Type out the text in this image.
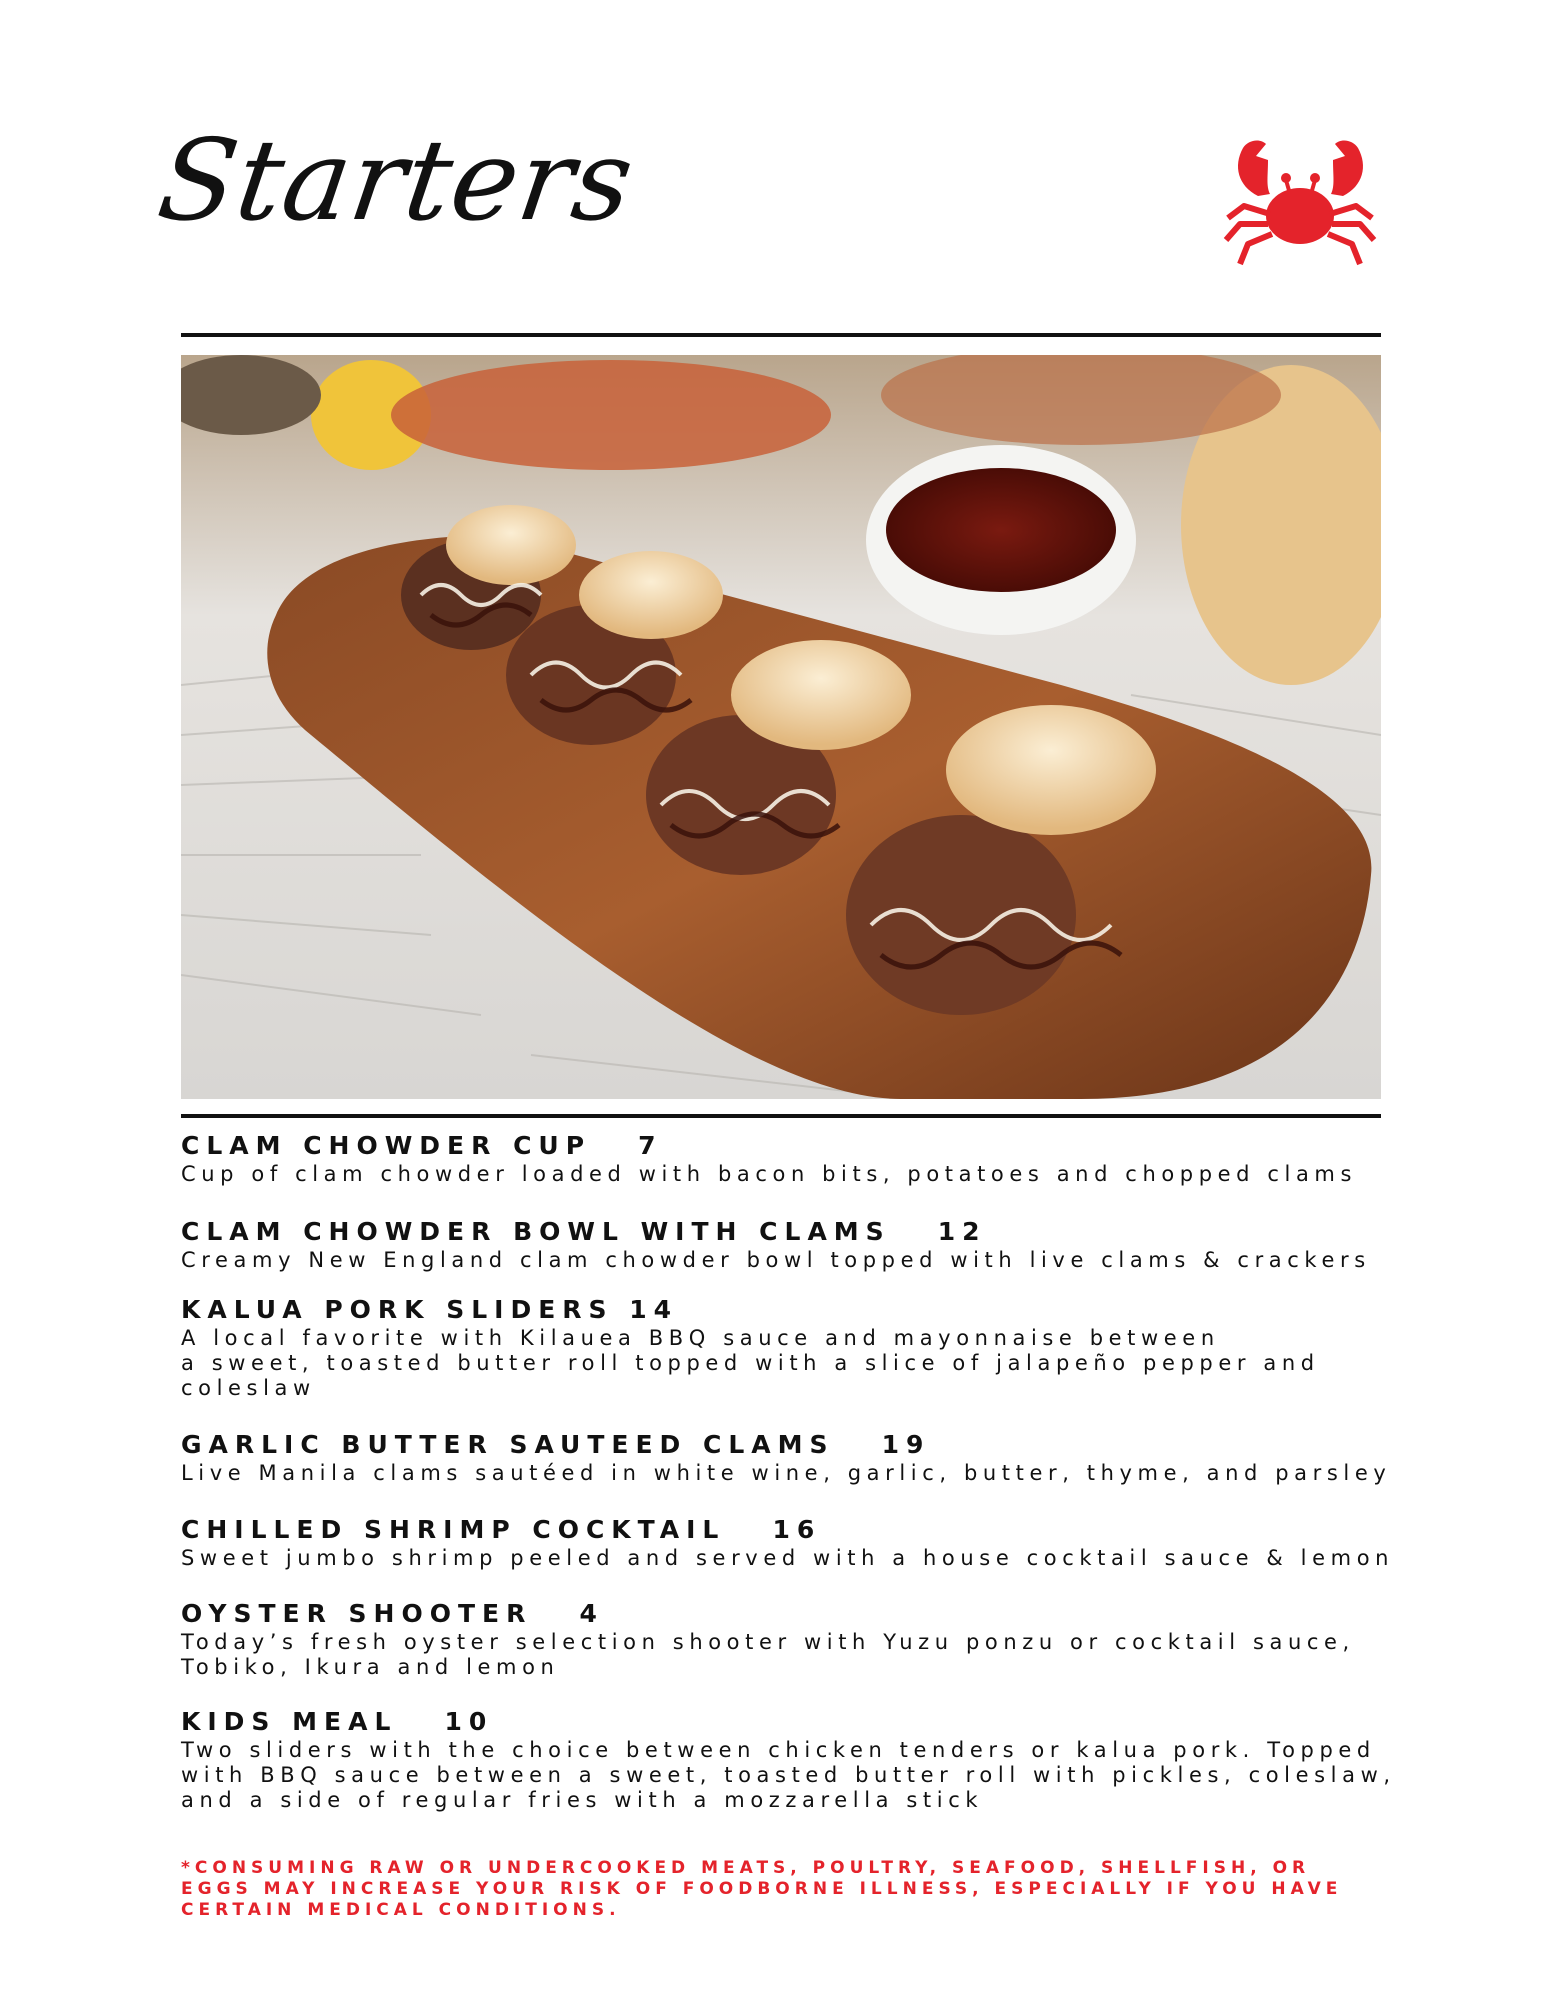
Starters
CLAM CHOWDER CUP   7
Cup of clam chowder loaded with bacon bits, potatoes and chopped clams
CLAM CHOWDER BOWL WITH CLAMS   12
Creamy New England clam chowder bowl topped with live clams & crackers
KALUA PORK SLIDERS 14
A local favorite with Kilauea BBQ sauce and mayonnaise between
a sweet, toasted butter roll topped with a slice of jalapeño pepper and
coleslaw
GARLIC BUTTER SAUTEED CLAMS   19
Live Manila clams sautéed in white wine, garlic, butter, thyme, and parsley
CHILLED SHRIMP COCKTAIL   16
Sweet jumbo shrimp peeled and served with a house cocktail sauce & lemon
OYSTER SHOOTER   4
Today’s fresh oyster selection shooter with Yuzu ponzu or cocktail sauce,
Tobiko, Ikura and lemon
KIDS MEAL   10
Two sliders with the choice between chicken tenders or kalua pork. Topped
with BBQ sauce between a sweet, toasted butter roll with pickles, coleslaw,
and a side of regular fries with a mozzarella stick
*CONSUMING RAW OR UNDERCOOKED MEATS, POULTRY, SEAFOOD, SHELLFISH, OR
EGGS MAY INCREASE YOUR RISK OF FOODBORNE ILLNESS, ESPECIALLY IF YOU HAVE
CERTAIN MEDICAL CONDITIONS.
